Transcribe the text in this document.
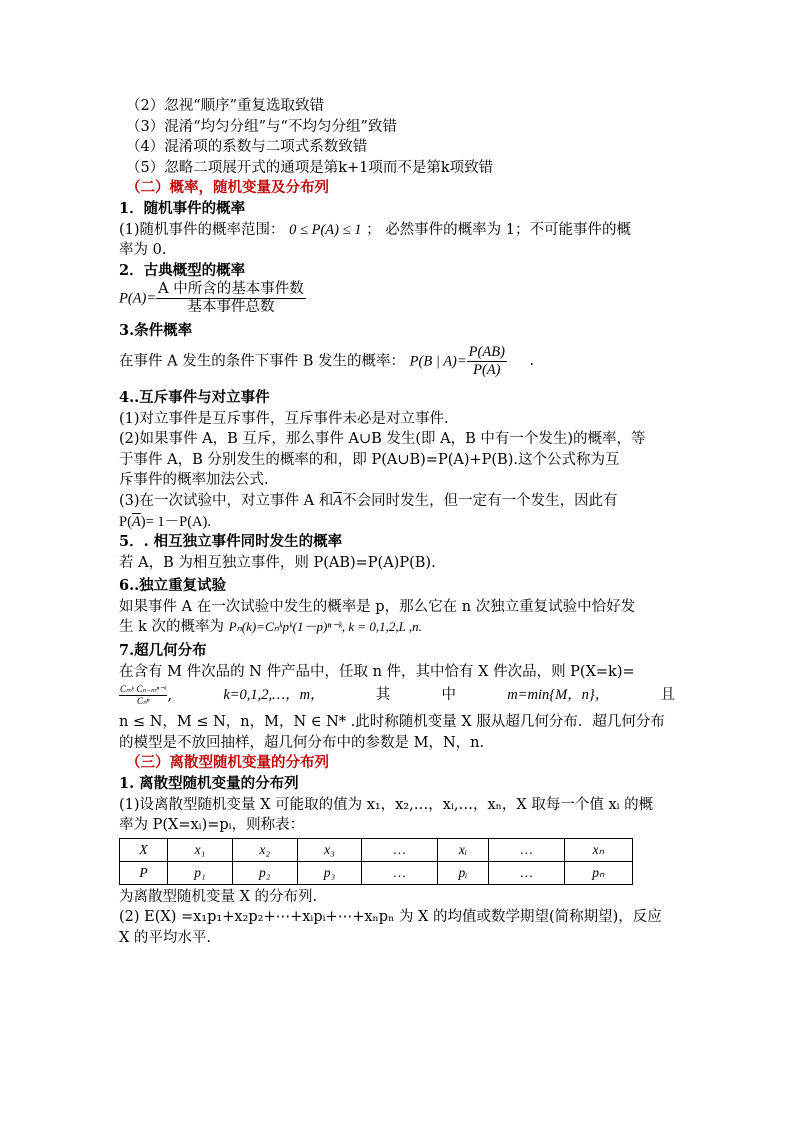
（2）忽视“顺序”重复选取致错
（3）混淆“均匀分组”与“不均匀分组”致错
（4）混淆项的系数与二项式系数致错
（5）忽略二项展开式的通项是第k+1项而不是第k项致错
（二）概率，随机变量及分布列
1．随机事件的概率
(1)随机事件的概率范围： 0 ≤ P(A) ≤ 1 ； 必然事件的概率为 1；不可能事件的概
率为 0.
2．古典概型的概率
$P(A)= \frac{\text{A 中所含的基本事件数}}{\text{基本事件总数}}$
3.条件概率
在事件 A 发生的条件下事件 B 发生的概率： P(B | $A)= \frac{P(AB)}{P(A)}$ .
4..互斥事件与对立事件
(1)对立事件是互斥事件，互斥事件未必是对立事件.
(2)如果事件 A，B 互斥，那么事件 A∪B 发生(即 A，B 中有一个发生)的概率，等
于事件 A，B 分别发生的概率的和，即 P(A∪B)=P(A)+P(B).这个公式称为互
斥事件的概率加法公式.
(3)在一次试验中，对立事件 A 和$\overline{A}$不会同时发生，但一定有一个发生，因此有
$P(\overline{A})= 1-P(A)$.
5．. 相互独立事件同时发生的概率
若 A，B 为相互独立事件，则 P(AB)=P(A)P(B).
6..独立重复试验
如果事件 A 在一次试验中发生的概率是 p，那么它在 n 次独立重复试验中恰好发
生 k 次的概率为 Pₙ(k)=Cₙᵏpᵏ(1－p)ⁿ⁻ᵏ, k = 0,1,2,L ,n.
7.超几何分布
在含有 M 件次品的 N 件产品中，任取 n 件，其中恰有 X 件次品，则 P(X=k)=
$\frac{\text{Cₘᵏ Cₙ₋ₘⁿ⁻ᵏ}}{\text{Cₙⁿ}}$ ,	k=0,1,2,…，m，	其	中	m=min{M，n}，	且
n ≤ N，M ≤ N，n，M，N ∈ N* .此时称随机变量 X 服从超几何分布．超几何分布
的模型是不放回抽样，超几何分布中的参数是 M，N，n.
（三）离散型随机变量的分布列
1. 离散型随机变量的分布列
(1)设离散型随机变量 X 可能取的值为 x₁，x₂,…，xᵢ,…，xₙ，X 取每一个值 xᵢ 的概
率为 P(X=xᵢ)=pᵢ，则称表：
X	x₁	x₂	x₃	…	xᵢ	…	xₙ
P	p₁	p₂	p₃	…	pᵢ	…	pₙ
为离散型随机变量 X 的分布列.
(2) E(X) =x₁p₁+x₂p₂+⋯+xᵢpᵢ+⋯+xₙpₙ 为 X 的均值或数学期望(简称期望)，反应
X 的平均水平.
